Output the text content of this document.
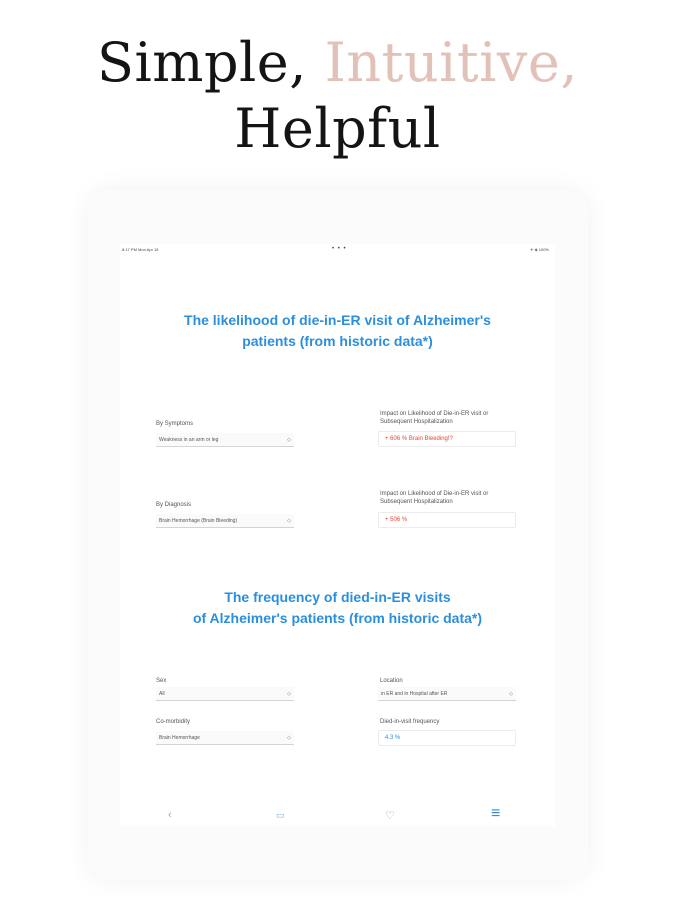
Simple, Intuitive,
Helpful
8:17 PM Mon Apr 15	• • •	✈ ◈ 100%
The likelihood of die-in-ER visit of Alzheimer's
patients (from historic data*)
By Symptoms
Weakness in an arm or leg	◇
Impact on Likelihood of Die-in-ER visit or
Subsequent Hospitalization
+ 606 % Brain Bleeding!?
By Diagnosis
Brain Hemorrhage (Brain Bleeding)	◇
Impact on Likelihood of Die-in-ER visit or
Subsequent Hospitalization
+ 506 %
The frequency of died-in-ER visits
of Alzheimer's patients (from historic data*)
Sex
All	◇
Location
in ER and in Hospital after ER	◇
Co-morbidity
Brain Hemorrhage	◇
Died-in-visit frequency
4.3 %
‹	▭	♡	≡
